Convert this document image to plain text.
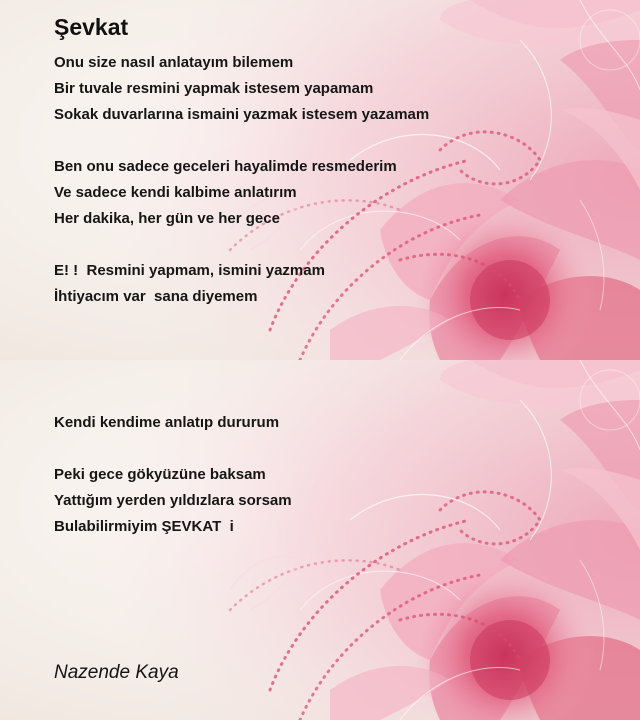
Şevkat

Onu size nasıl anlatayım bilemem

Bir tuvale resmini yapmak istesem yapamam

Sokak duvarlarına ismaini yazmak istesem yazamam

Ben onu sadece geceleri hayalimde resmederim

Ve sadece kendi kalbime anlatırım

Her dakika, her gün ve her gece

E! !  Resmini yapmam, ismini yazmam

İhtiyacım var  sana diyemem

Kendi kendime anlatıp dururum

Peki gece gökyüzüne baksam

Yattığım yerden yıldızlara sorsam

Bulabilirmiyim ŞEVKAT  i

Nazende Kaya
